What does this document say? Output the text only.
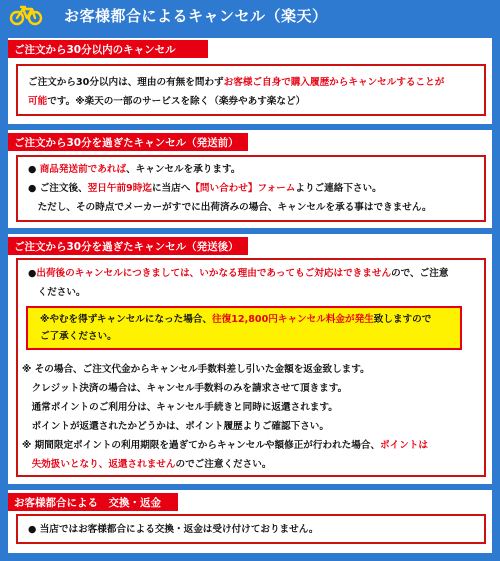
お客様都合によるキャンセル（楽天）
ご注文から30分以内のキャンセル
ご注文から30分以内は、理由の有無を問わずお客様ご自身で購入履歴からキャンセルすることが
可能です。※楽天の一部のサービスを除く（楽券やあす楽など）
ご注文から30分を過ぎたキャンセル（発送前）
● 商品発送前であれば、キャンセルを承ります。
● ご注文後、翌日午前9時迄に当店へ【問い合わせ】フォームよりご連絡下さい。
　ただし、その時点でメーカーがすでに出荷済みの場合、キャンセルを承る事はできません。
ご注文から30分を過ぎたキャンセル（発送後）
●出荷後のキャンセルにつきましては、いかなる理由であってもご対応はできませんので、ご注意
　ください。
※やむを得ずキャンセルになった場合、往復12,800円キャンセル料金が発生致しますので
ご了承ください。
※ その場合、ご注文代金からキャンセル手数料差し引いた金額を返金致します。
　クレジット決済の場合は、キャンセル手数料のみを請求させて頂きます。
　通常ポイントのご利用分は、キャンセル手続きと同時に返還されます。
　ポイントが返還されたかどうかは、ポイント履歴よりご確認下さい。
※ 期間限定ポイントの利用期限を過ぎてからキャンセルや額修正が行われた場合、ポイントは
　失効扱いとなり、返還されませんのでご注意ください。
お客様都合による　交換・返金
● 当店ではお客様都合による交換・返金は受け付けておりません。
